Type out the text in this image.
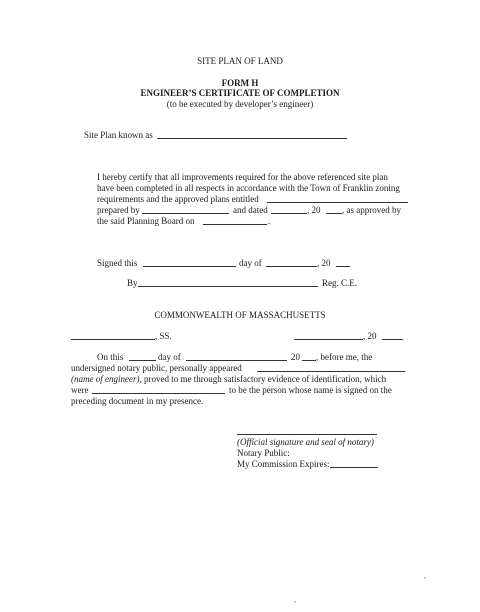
SITE PLAN OF LAND
FORM H
ENGINEER’S CERTIFICATE OF COMPLETION
(to be executed by developer’s engineer)
Site Plan known as
I hereby certify that all improvements required for the above referenced site plan
have been completed in all respects in accordance with the Town of Franklin zoning
requirements and the approved plans entitled
prepared by	and dated	, 20 , as approved by
the said Planning Board on	.
Signed this	day of	, 20
By	Reg. C.E.
COMMONWEALTH OF MASSACHUSETTS
, SS.	, 20
On this	day of	20 , before me, the
undersigned notary public, personally appeared
(name of engineer), proved to me through satisfactory evidence of identification, which
were	to be the person whose name is signed on the
preceding document in my presence.
(Official signature and seal of notary)
Notary Public:
My Commission Expires:
